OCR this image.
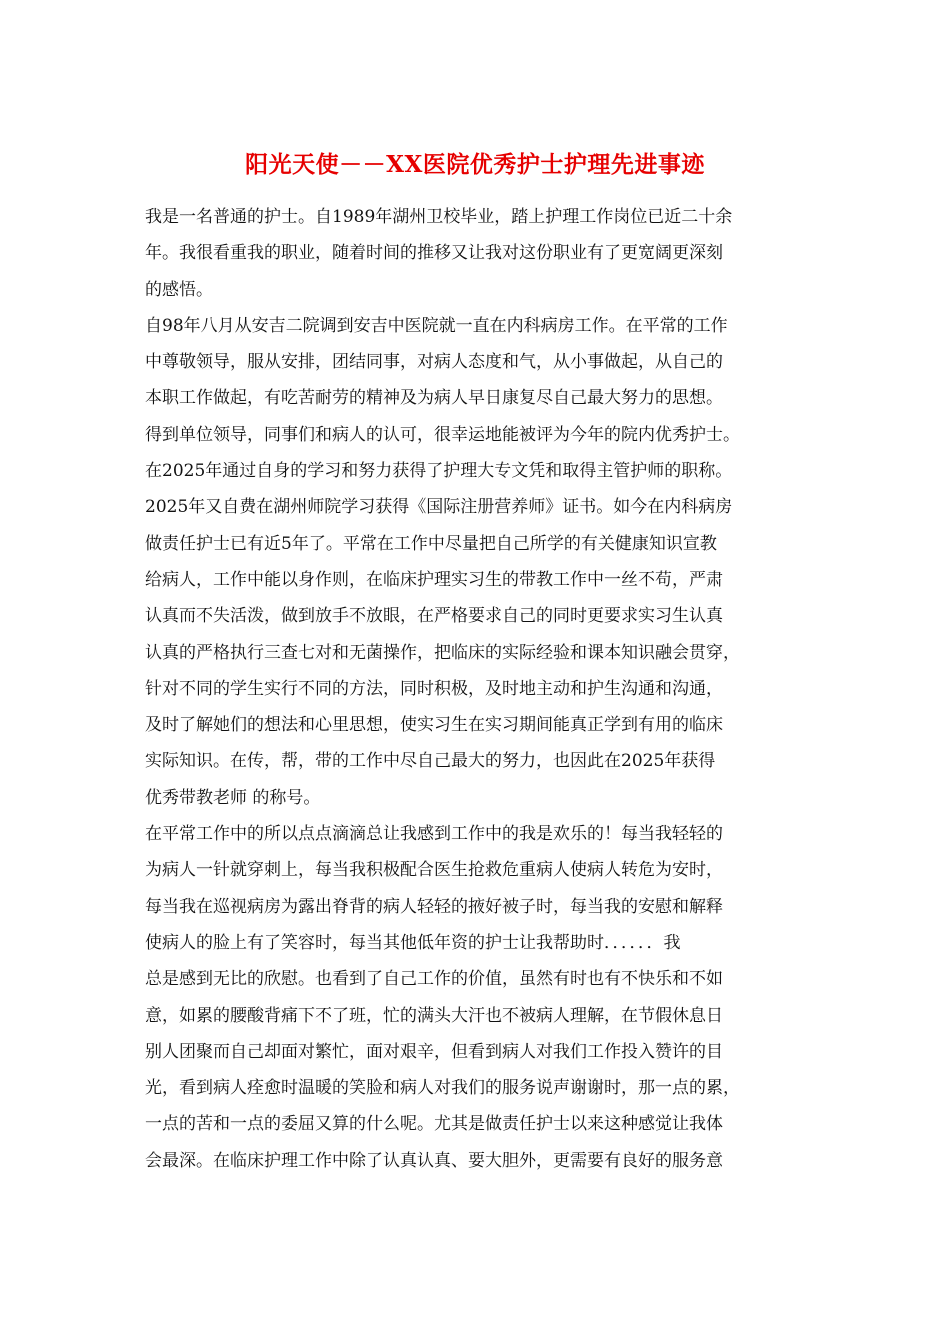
阳光天使－－XX医院优秀护士护理先进事迹
我是一名普通的护士。自1989年湖州卫校毕业，踏上护理工作岗位已近二十余
年。我很看重我的职业，随着时间的推移又让我对这份职业有了更宽阔更深刻
的感悟。
自98年八月从安吉二院调到安吉中医院就一直在内科病房工作。在平常的工作
中尊敬领导，服从安排，团结同事，对病人态度和气，从小事做起，从自己的
本职工作做起，有吃苦耐劳的精神及为病人早日康复尽自己最大努力的思想。
得到单位领导，同事们和病人的认可，很幸运地能被评为今年的院内优秀护士。
在2025年通过自身的学习和努力获得了护理大专文凭和取得主管护师的职称。
2025年又自费在湖州师院学习获得《国际注册营养师》证书。如今在内科病房
做责任护士已有近5年了。平常在工作中尽量把自己所学的有关健康知识宣教
给病人，工作中能以身作则，在临床护理实习生的带教工作中一丝不苟，严肃
认真而不失活泼，做到放手不放眼，在严格要求自己的同时更要求实习生认真
认真的严格执行三查七对和无菌操作，把临床的实际经验和课本知识融会贯穿，
针对不同的学生实行不同的方法，同时积极，及时地主动和护生沟通和沟通，
及时了解她们的想法和心里思想，使实习生在实习期间能真正学到有用的临床
实际知识。在传，帮，带的工作中尽自己最大的努力，也因此在2025年获得
优秀带教老师 的称号。
在平常工作中的所以点点滴滴总让我感到工作中的我是欢乐的！每当我轻轻的
为病人一针就穿刺上，每当我积极配合医生抢救危重病人使病人转危为安时，
每当我在巡视病房为露出脊背的病人轻轻的掖好被子时，每当我的安慰和解释
使病人的脸上有了笑容时，每当其他低年资的护士让我帮助时．．．．．．我
总是感到无比的欣慰。也看到了自己工作的价值，虽然有时也有不快乐和不如
意，如累的腰酸背痛下不了班，忙的满头大汗也不被病人理解，在节假休息日
别人团聚而自己却面对繁忙，面对艰辛，但看到病人对我们工作投入赞许的目
光，看到病人痊愈时温暖的笑脸和病人对我们的服务说声谢谢时，那一点的累，
一点的苦和一点的委屈又算的什么呢。尤其是做责任护士以来这种感觉让我体
会最深。在临床护理工作中除了认真认真、要大胆外，更需要有良好的服务意
